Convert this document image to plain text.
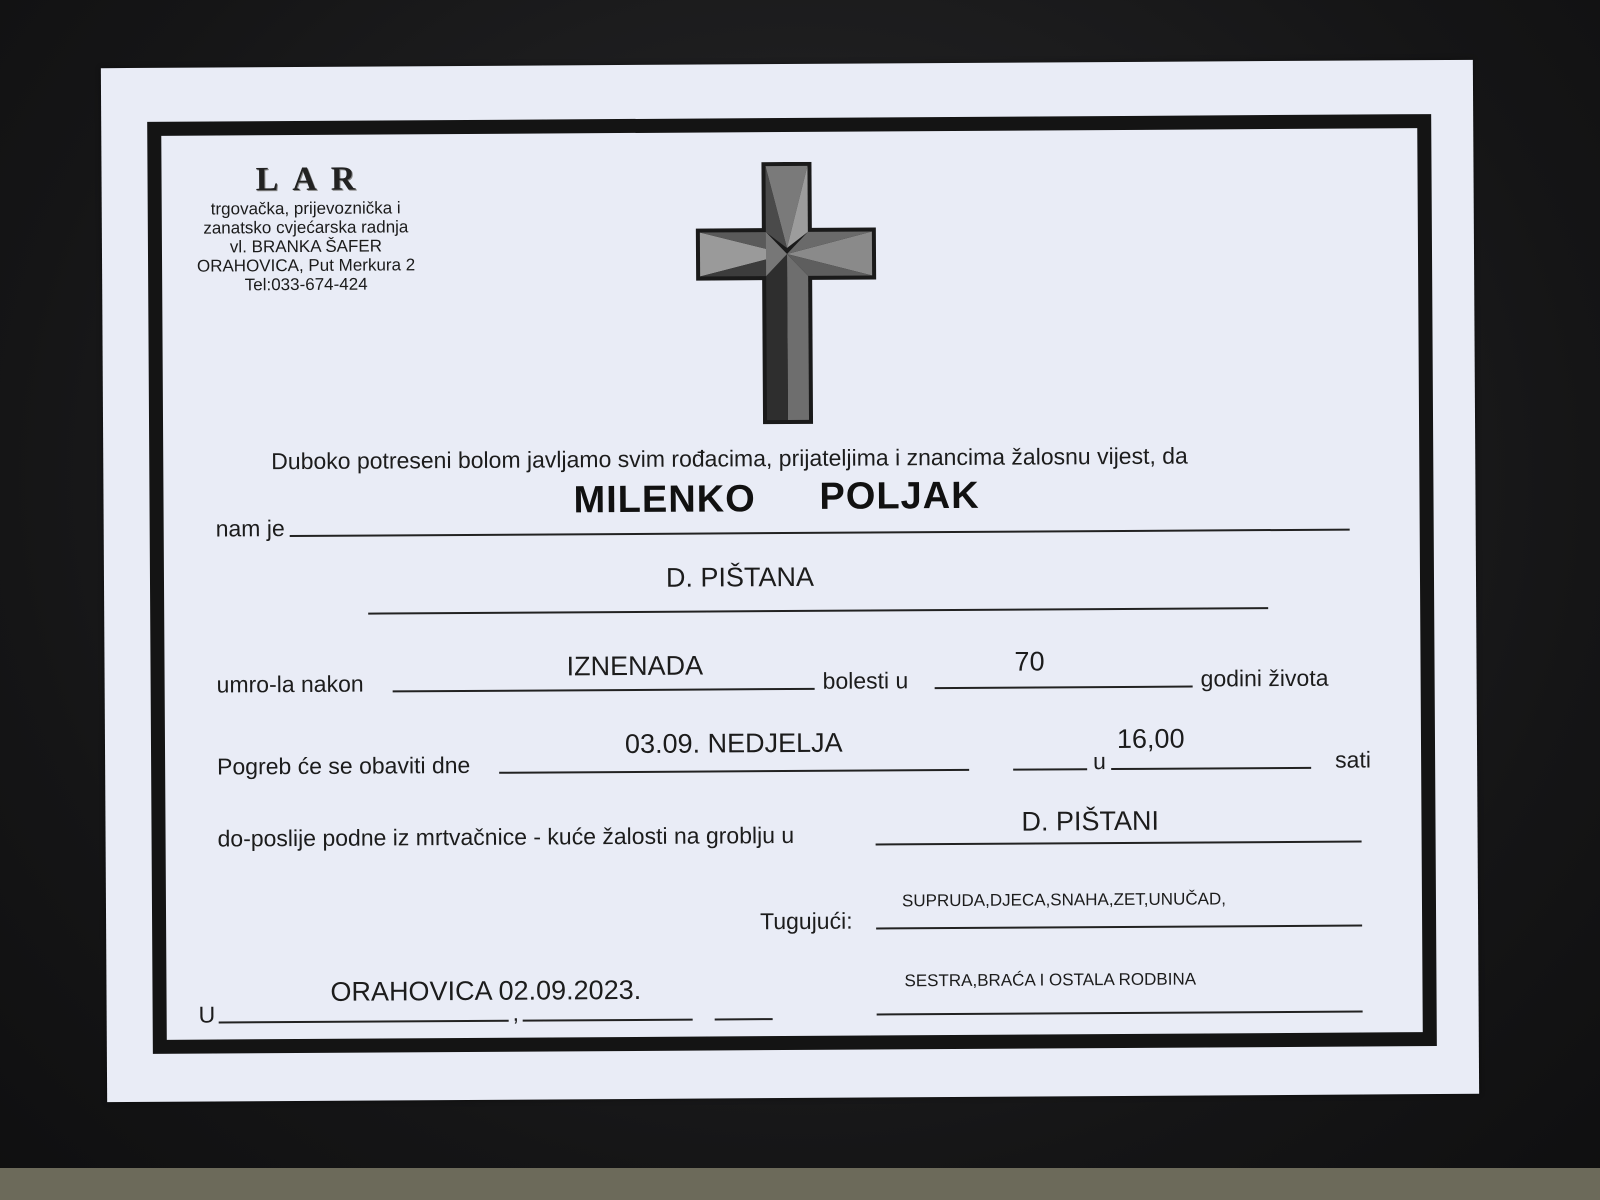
LAR
trgovačka, prijevoznička i
zanatsko cvjećarska radnja
vl. BRANKA ŠAFER
ORAHOVICA, Put Merkura 2
Tel:033-674-424
Duboko potreseni bolom javljamo svim rođacima, prijateljima i znancima žalosnu vijest, da
nam je
MILENKO POLJAK
D. PIŠTANA
umro-la nakon
IZNENADA	bolesti u
70
godini života
Pogreb će se obaviti dne
03.09. NEDJELJA
u
16,00
sati
do-poslije podne iz mrtvačnice - kuće žalosti na groblju u
D. PIŠTANI
Tugujući:
SUPRUDA,DJECA,SNAHA,ZET,UNUČAD,
SESTRA,BRAĆA I OSTALA RODBINA
U
ORAHOVICA 02.09.2023.
,
